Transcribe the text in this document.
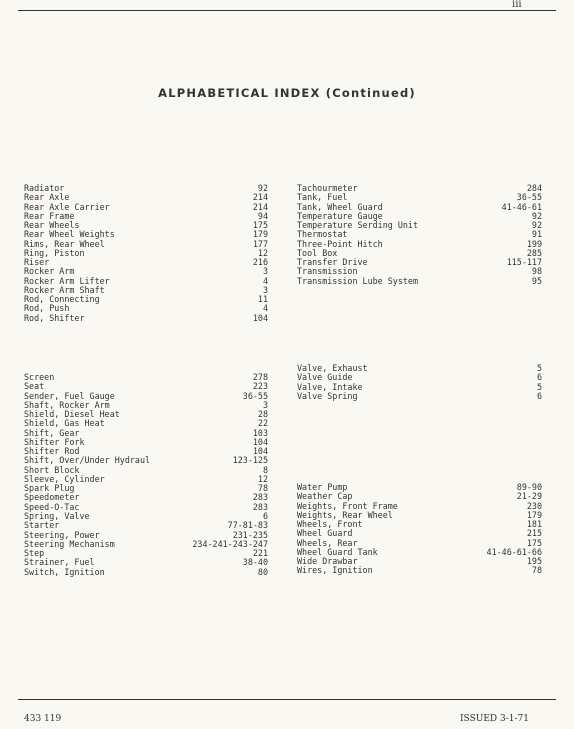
iii
ALPHABETICAL INDEX (Continued)
Radiator	92
Rear Axle	214
Rear Axle Carrier	214
Rear Frame	94
Rear Wheels	175
Rear Wheel Weights	179
Rims, Rear Wheel	177
Ring, Piston	12
Riser	216
Rocker Arm	3
Rocker Arm Lifter	4
Rocker Arm Shaft	3
Rod, Connecting	11
Rod, Push	4
Rod, Shifter	104
Tachourmeter	284
Tank, Fuel	36-55
Tank, Wheel Guard	41-46-61
Temperature Gauge	92
Temperature Serding Unit	92
Thermostat	91
Three-Point Hitch	199
Tool Box	285
Transfer Drive	115-117
Transmission	98
Transmission Lube System	95
Screen	278
Seat	223
Sender, Fuel Gauge	36-55
Shaft, Rocker Arm	3
Shield, Diesel Heat	28
Shield, Gas Heat	22
Shift, Gear	103
Shifter Fork	104
Shifter Rod	104
Shift, Over/Under Hydraul	123-125
Short Block	8
Sleeve, Cylinder	12
Spark Plug	78
Speedometer	283
Speed-O-Tac	283
Spring, Valve	6
Starter	77-81-83
Steering, Power	231-235
Steering Mechanism	234-241-243-247
Step	221
Strainer, Fuel	38-40
Switch, Ignition	80
Valve, Exhaust	5
Valve Guide	6
Valve, Intake	5
Valve Spring	6
Water Pump	89-90
Weather Cap	21-29
Weights, Front Frame	230
Weights, Rear Wheel	179
Wheels, Front	181
Wheel Guard	215
Wheels, Rear	175
Wheel Guard Tank	41-46-61-66
Wide Drawbar	195
Wires, Ignition	78
433 119	ISSUED 3-1-71
